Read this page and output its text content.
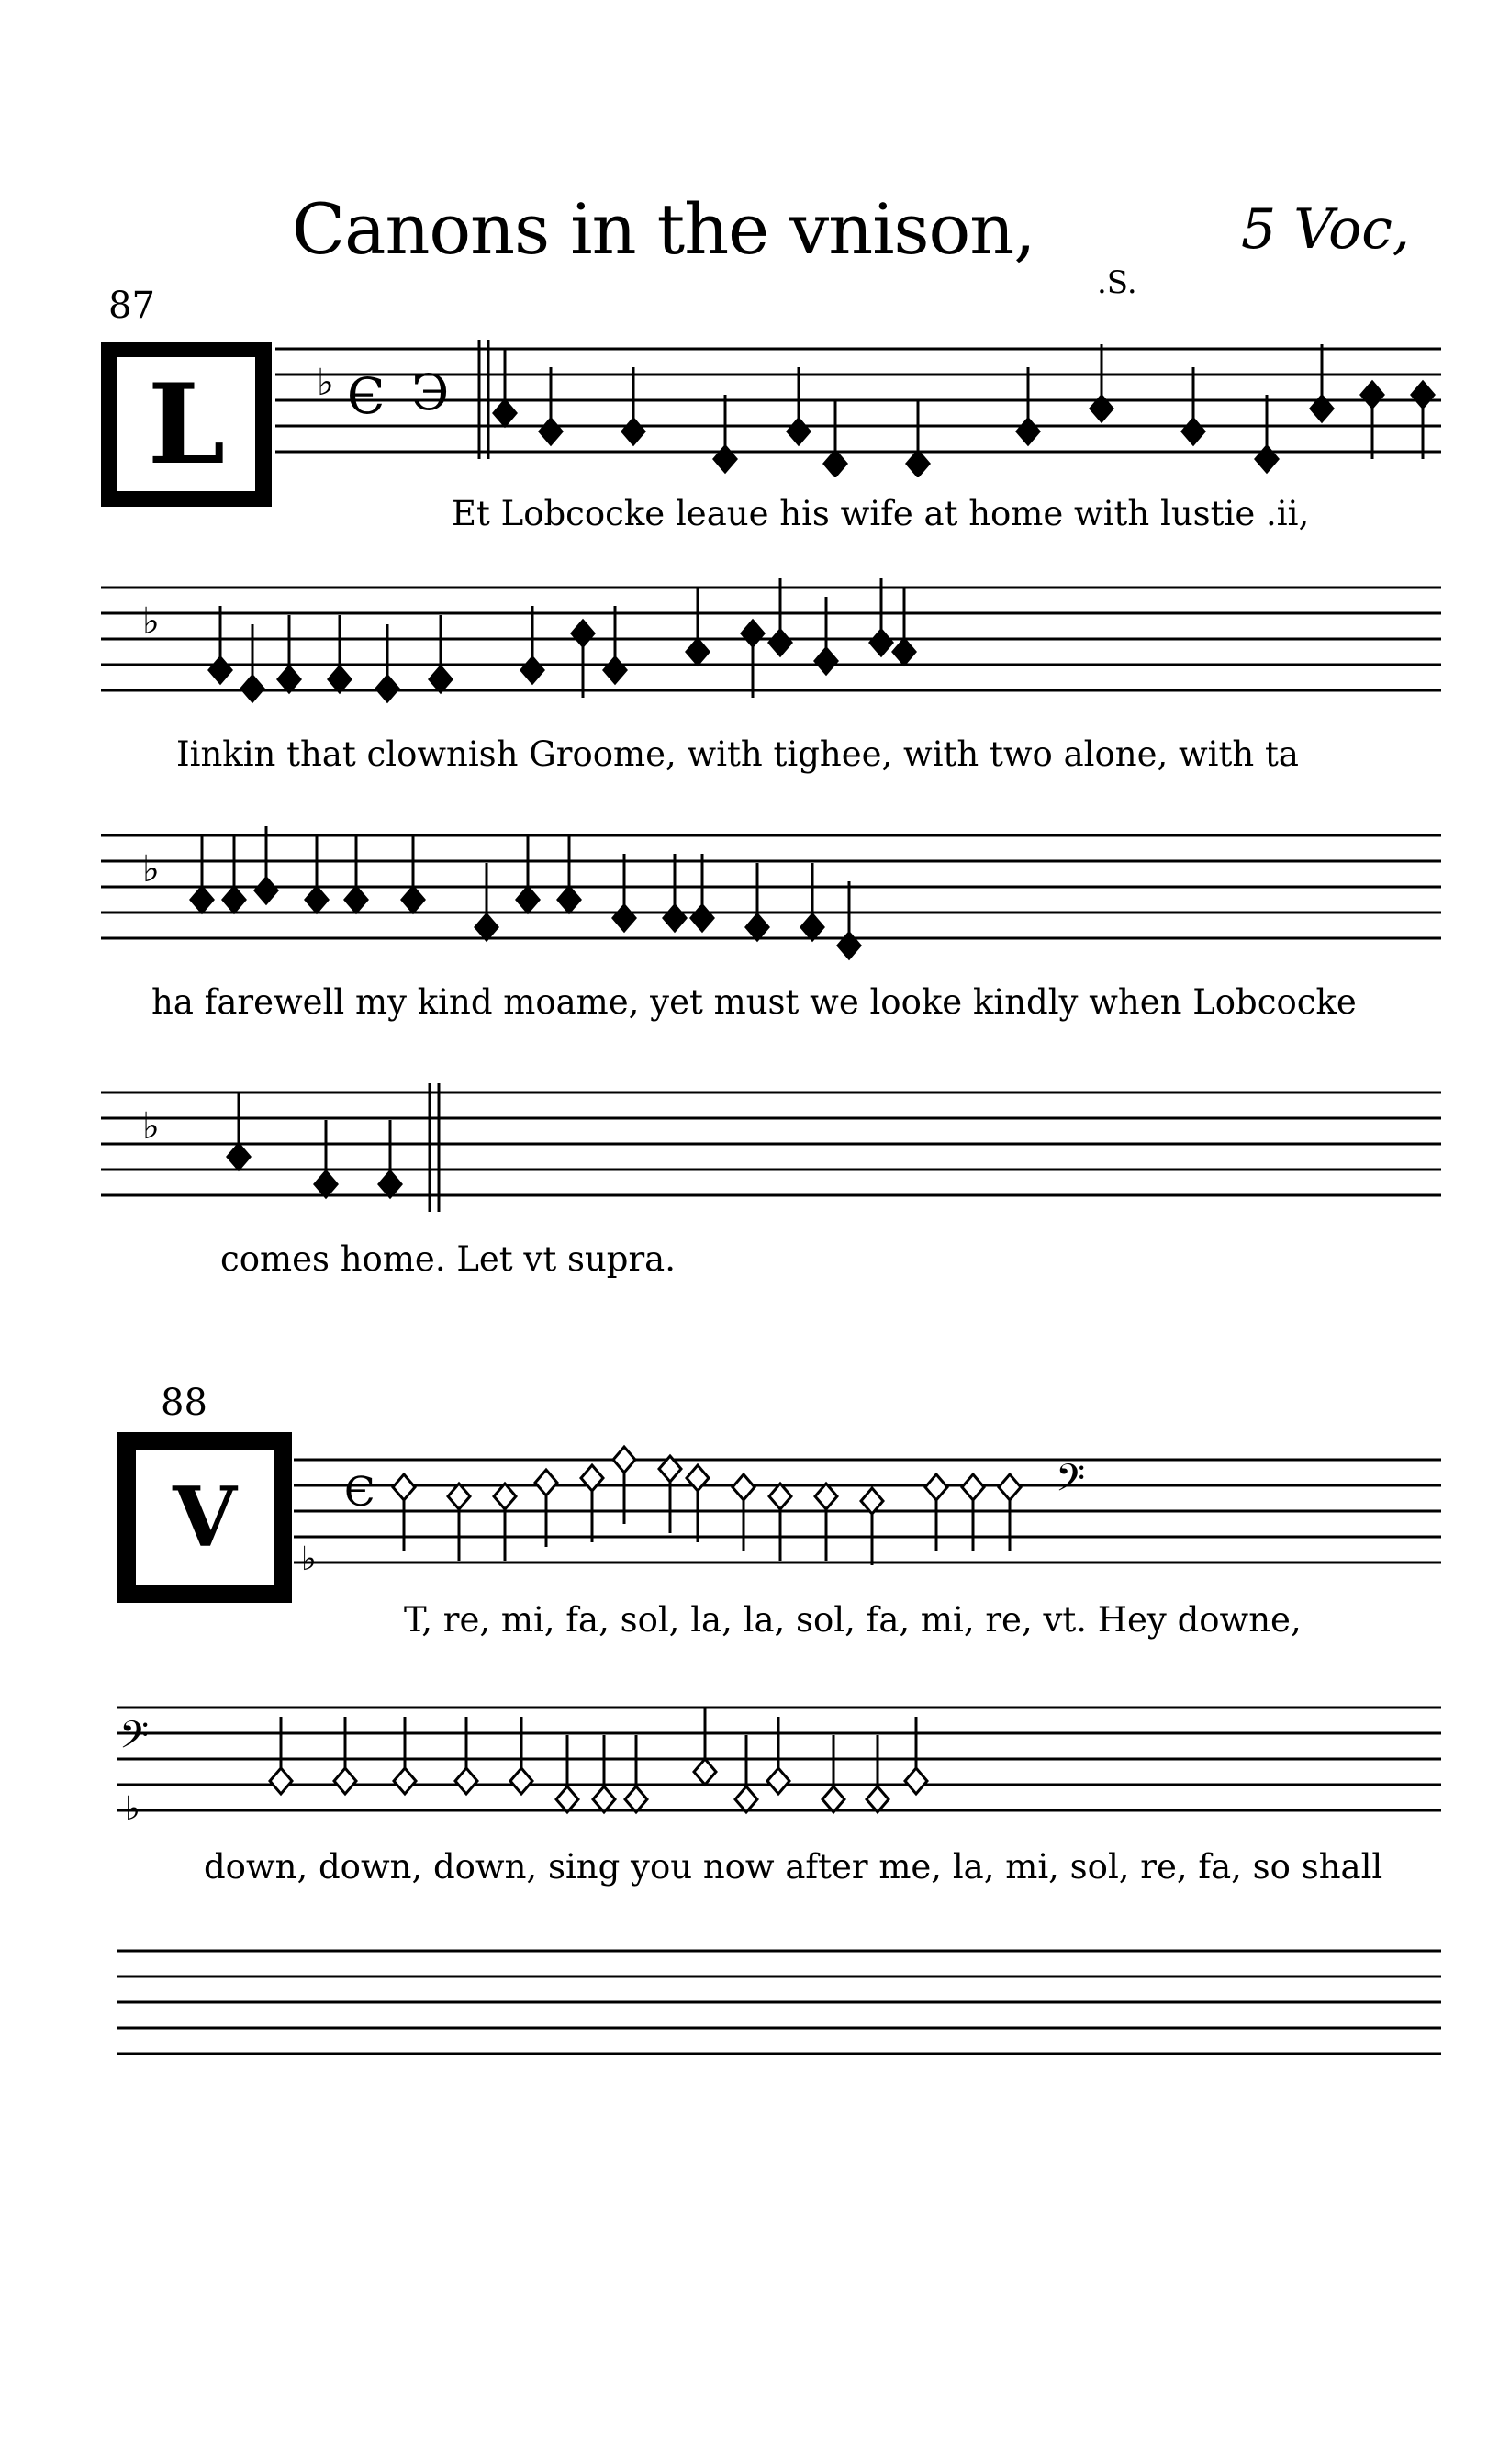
Canons in the vnison,	5 Voc,
87
.S.
L	♭ Є Э
Et Lobcocke leaue his wife at home with lustie .ii,
♭
Iinkin that clownish Groome, with tighee, with two alone, with ta
♭
ha farewell my kind moame, yet must we looke kindly when Lobcocke
♭
comes home. Let vt supra.
88
V	Є
♭
𝄢
T, re, mi, fa, sol, la, la, sol, fa, mi, re, vt. Hey downe,
𝄢
♭
down, down, down, sing you now after me, la, mi, sol, re, fa, so shall
